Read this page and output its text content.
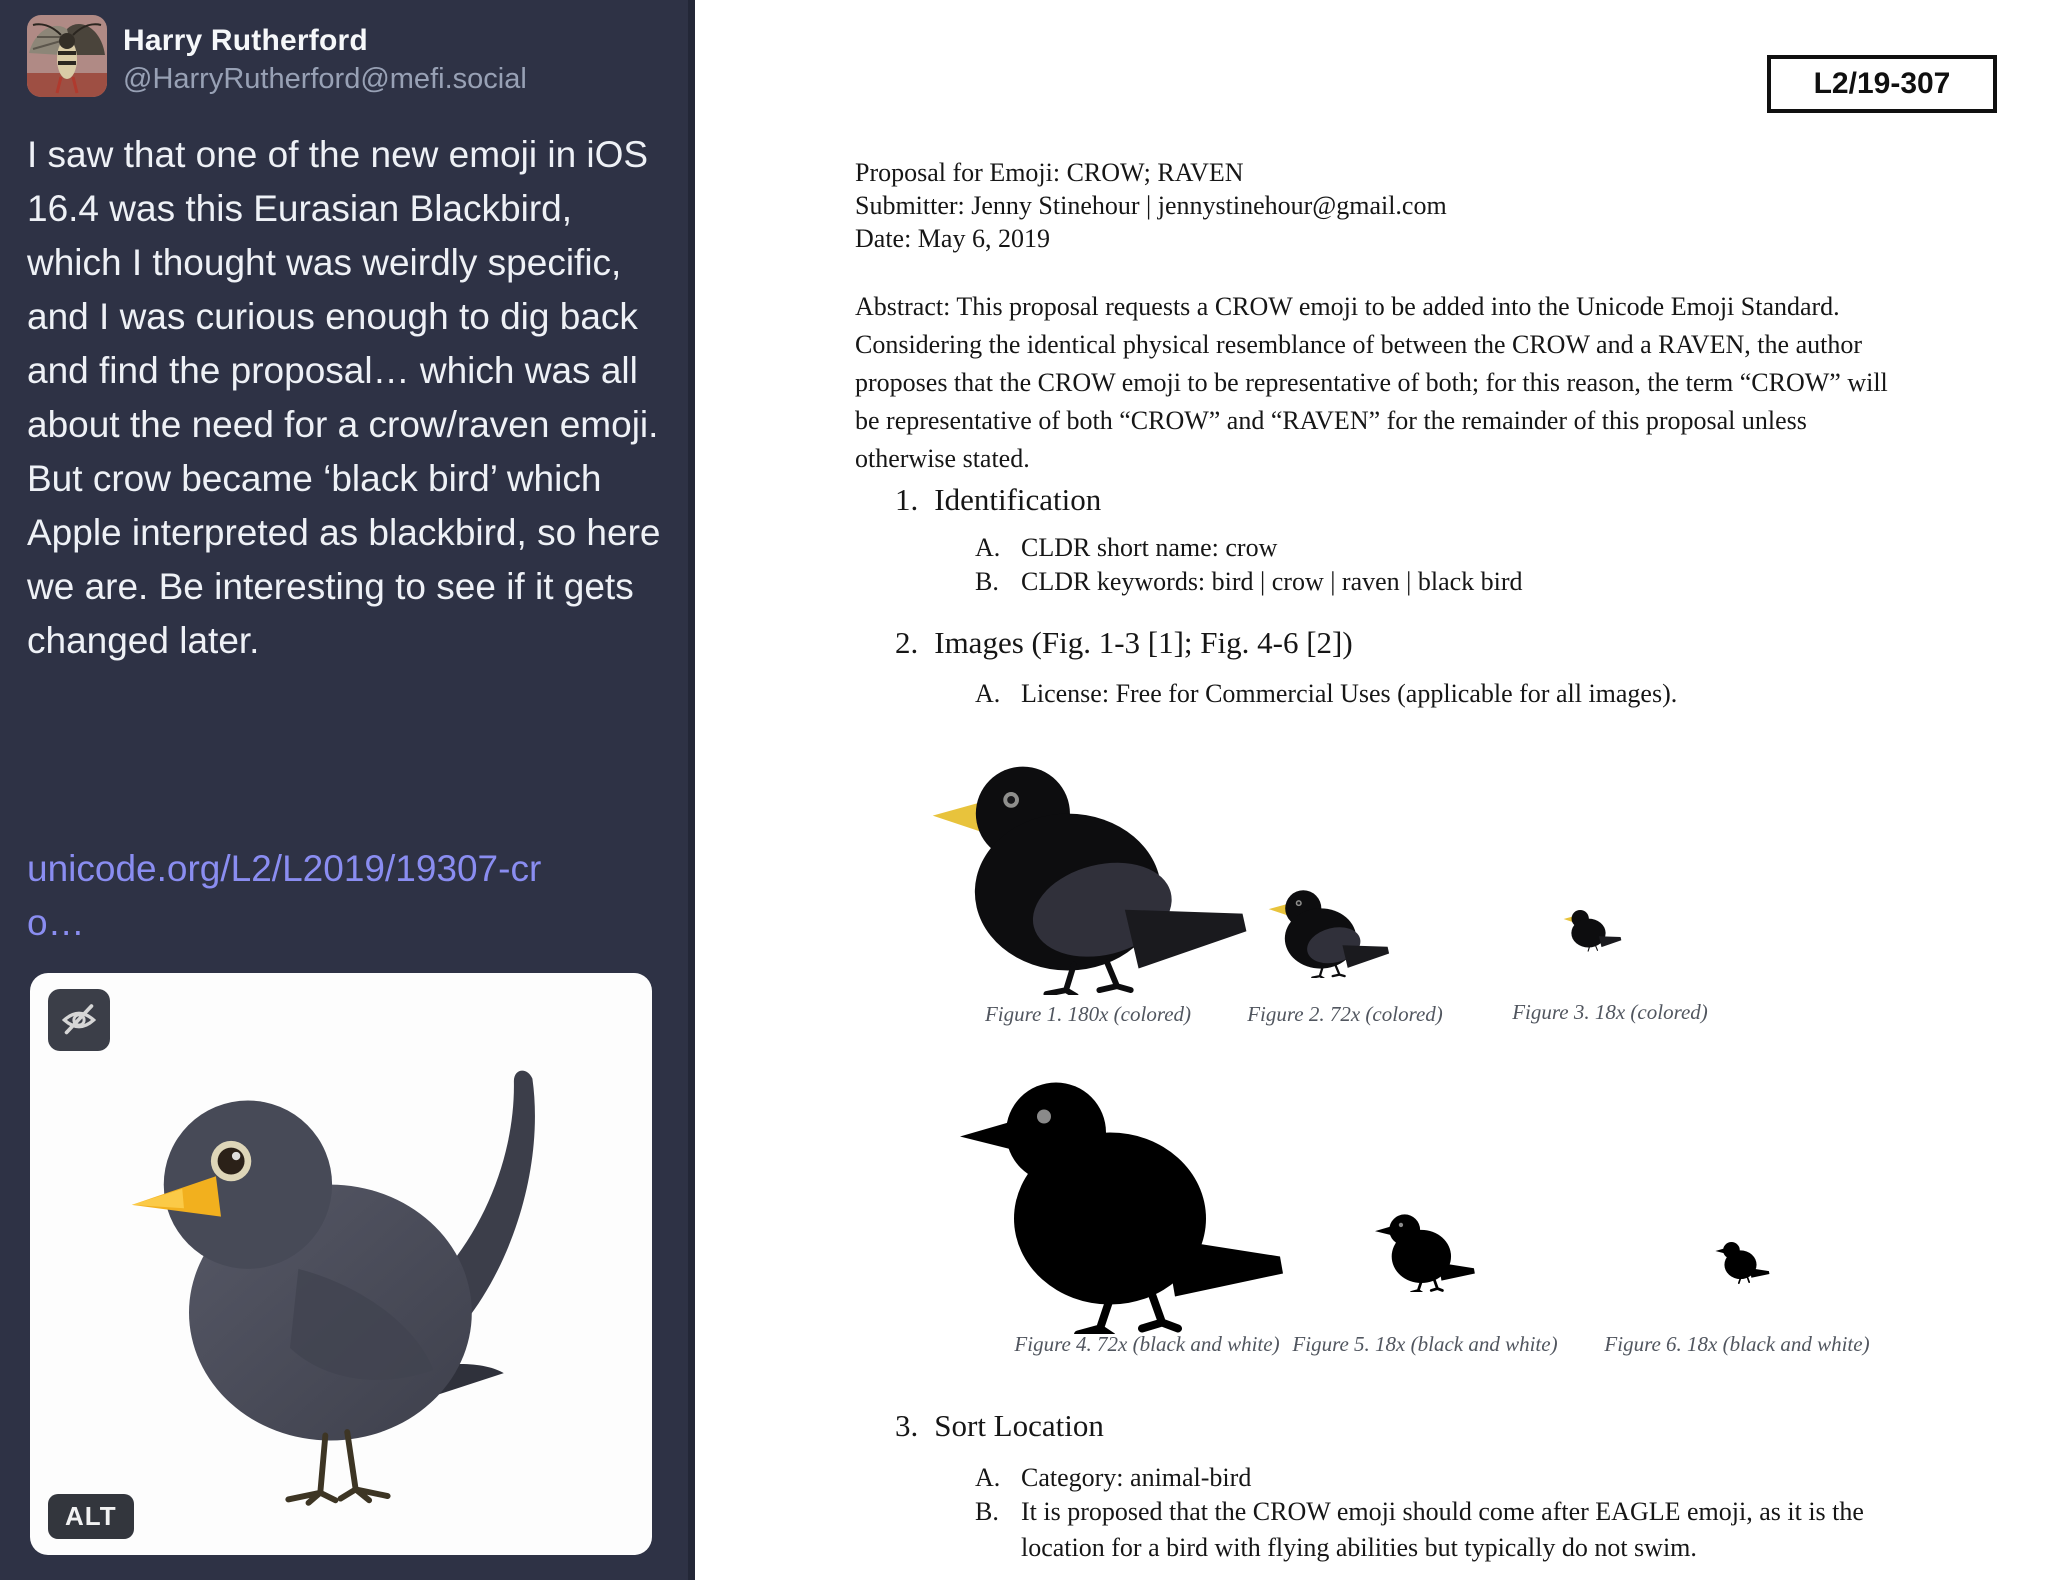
Harry Rutherford
@HarryRutherford@mefi.social
I saw that one of the new emoji in iOS 16.4 was this Eurasian Blackbird, which I thought was weirdly specific, and I was curious enough to dig back and find the proposal… which was all about the need for a crow/raven emoji. But crow became ‘black bird’ which Apple interpreted as blackbird, so here we are. Be interesting to see if it gets changed later.
unicode.org/L2/L2019/19307-cro…
ALT
L2/19-307
Proposal for Emoji: CROW; RAVEN
Submitter: Jenny Stinehour | jennystinehour@gmail.com
Date: May 6, 2019
Abstract: This proposal requests a CROW emoji to be added into the Unicode Emoji Standard. Considering the identical physical resemblance of between the CROW and a RAVEN, the author proposes that the CROW emoji to be representative of both; for this reason, the term “CROW” will be representative of both “CROW” and “RAVEN” for the remainder of this proposal unless otherwise stated.
1. Identification
A. CLDR short name: crow
B. CLDR keywords: bird | crow | raven | black bird
2. Images (Fig. 1-3 [1]; Fig. 4-6 [2])
A. License: Free for Commercial Uses (applicable for all images).
Figure 1. 180x (colored)	Figure 2. 72x (colored)	Figure 3. 18x (colored)
Figure 4. 72x (black and white) Figure 5. 18x (black and white)	Figure 6. 18x (black and white)
3. Sort Location
A. Category: animal-bird
B. It is proposed that the CROW emoji should come after EAGLE emoji, as it is the location for a bird with flying abilities but typically do not swim.
